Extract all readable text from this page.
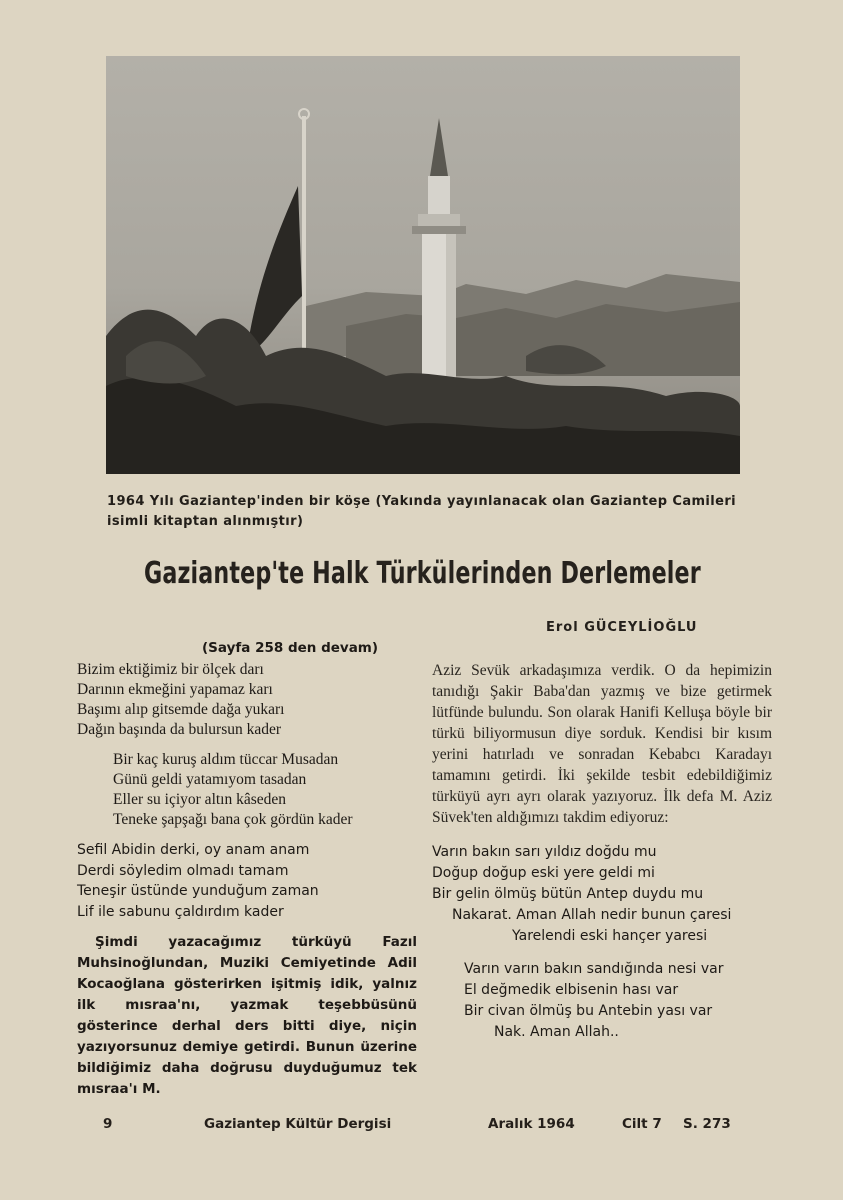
1964 Yılı Gaziantep'inden bir köşe (Yakında yayınlanacak olan Gaziantep Camileri isimli kitaptan alınmıştır)
Gaziantep'te Halk Türkülerinden Derlemeler
Erol GÜCEYLİOĞLU
(Sayfa 258 den devam)
Bizim ektiğimiz bir ölçek darı
Darının ekmeğini yapamaz karı
Başımı alıp gitsemde dağa yukarı
Dağın başında da bulursun kader
Bir kaç kuruş aldım tüccar Musadan
Günü geldi yatamıyom tasadan
Eller su içiyor altın kâseden
Teneke şapşağı bana çok gördün kader
Sefil Abidin derki, oy anam anam
Derdi söyledim olmadı tamam
Teneşir üstünde yunduğum zaman
Lif ile sabunu çaldırdım kader
Şimdi yazacağımız türküyü Fazıl Muhsinoğlundan, Muziki Cemiyetinde Adil Kocaoğlana gösterirken işitmiş idik, yalnız ilk mısraa'nı, yazmak teşebbüsünü gösterince derhal ders bitti diye, niçin yazıyorsunuz demiye getirdi. Bunun üzerine bildiğimiz daha doğrusu duyduğumuz tek mısraa'ı M.
Aziz Sevük arkadaşımıza verdik. O da hepimizin tanıdığı Şakir Baba'dan yazmış ve bize getirmek lütfünde bulundu. Son olarak Hanifi Kelluşa böyle bir türkü biliyormusun diye sorduk. Kendisi bir kısım yerini hatırladı ve sonradan Kebabcı Karadayı tamamını getirdi. İki şekilde tesbit edebildiğimiz türküyü ayrı ayrı olarak yazıyoruz. İlk defa M. Aziz Süvek'ten aldığımızı takdim ediyoruz:
Varın bakın sarı yıldız doğdu mu
Doğup doğup eski yere geldi mi
Bir gelin ölmüş bütün Antep duydu mu
Nakarat. Aman Allah nedir bunun çaresi
Yarelendi eski hançer yaresi
Varın varın bakın sandığında nesi var
El değmedik elbisenin hası var
Bir civan ölmüş bu Antebin yası var
Nak. Aman Allah..
9	Gaziantep Kültür Dergisi	Aralık 1964	Cilt 7 S. 273
